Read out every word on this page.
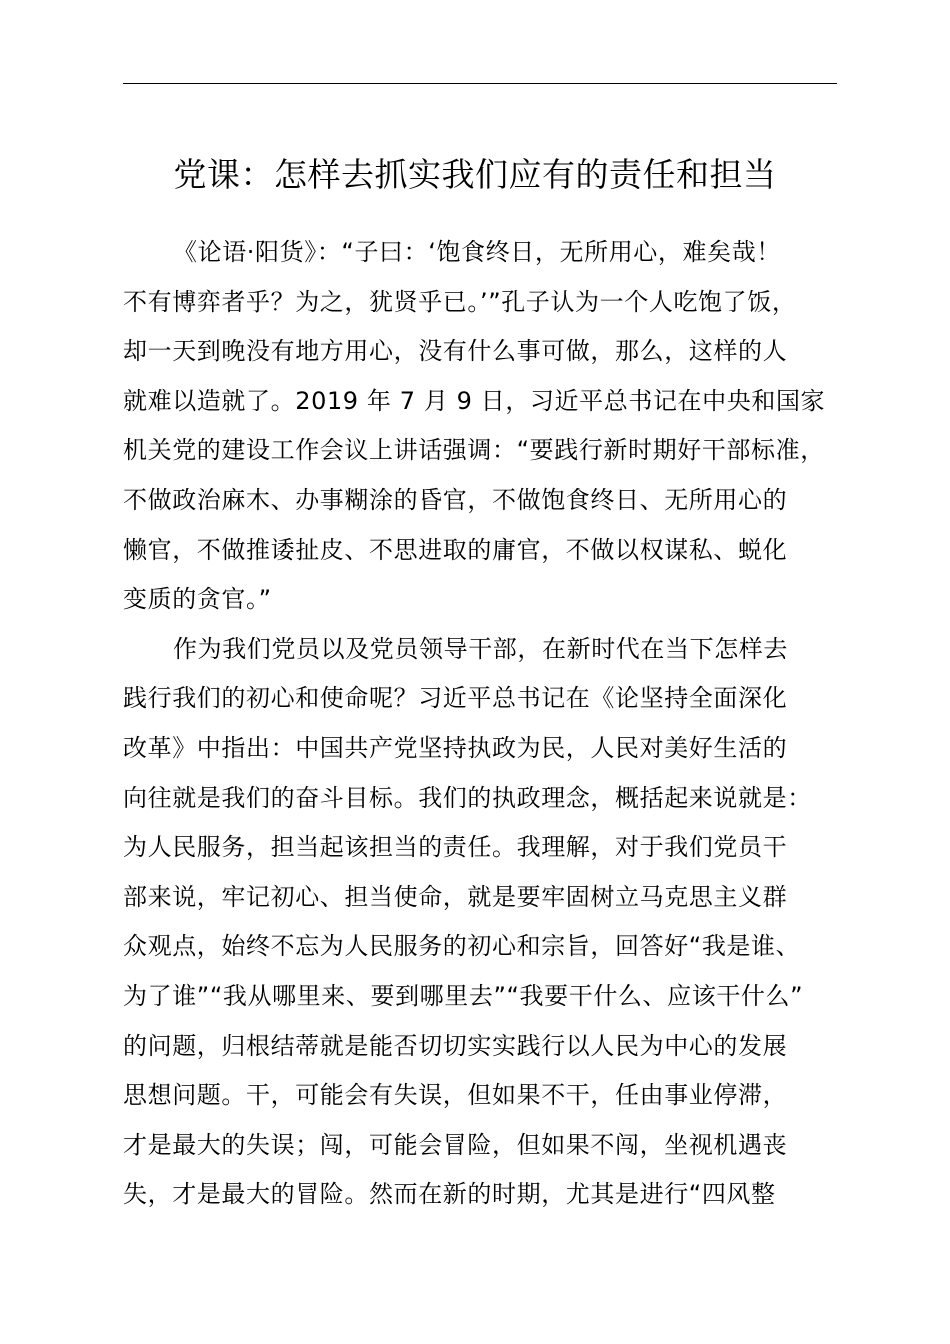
党课：怎样去抓实我们应有的责任和担当
《论语·阳货》：“子曰：‘饱食终日，无所用心，难矣哉！
不有博弈者乎？为之，犹贤乎已。’”孔子认为一个人吃饱了饭，
却一天到晚没有地方用心，没有什么事可做，那么，这样的人
就难以造就了。2019 年 7 月 9 日，习近平总书记在中央和国家
机关党的建设工作会议上讲话强调：“要践行新时期好干部标准，
不做政治麻木、办事糊涂的昏官，不做饱食终日、无所用心的
懒官，不做推诿扯皮、不思进取的庸官，不做以权谋私、蜕化
变质的贪官。”
作为我们党员以及党员领导干部，在新时代在当下怎样去
践行我们的初心和使命呢？习近平总书记在《论坚持全面深化
改革》中指出：中国共产党坚持执政为民，人民对美好生活的
向往就是我们的奋斗目标。我们的执政理念，概括起来说就是：
为人民服务，担当起该担当的责任。我理解，对于我们党员干
部来说，牢记初心、担当使命，就是要牢固树立马克思主义群
众观点，始终不忘为人民服务的初心和宗旨，回答好“我是谁、
为了谁”“我从哪里来、要到哪里去”“我要干什么、应该干什么”
的问题，归根结蒂就是能否切切实实践行以人民为中心的发展
思想问题。干，可能会有失误，但如果不干，任由事业停滞，
才是最大的失误；闯，可能会冒险，但如果不闯，坐视机遇丧
失，才是最大的冒险。然而在新的时期，尤其是进行“四风整
